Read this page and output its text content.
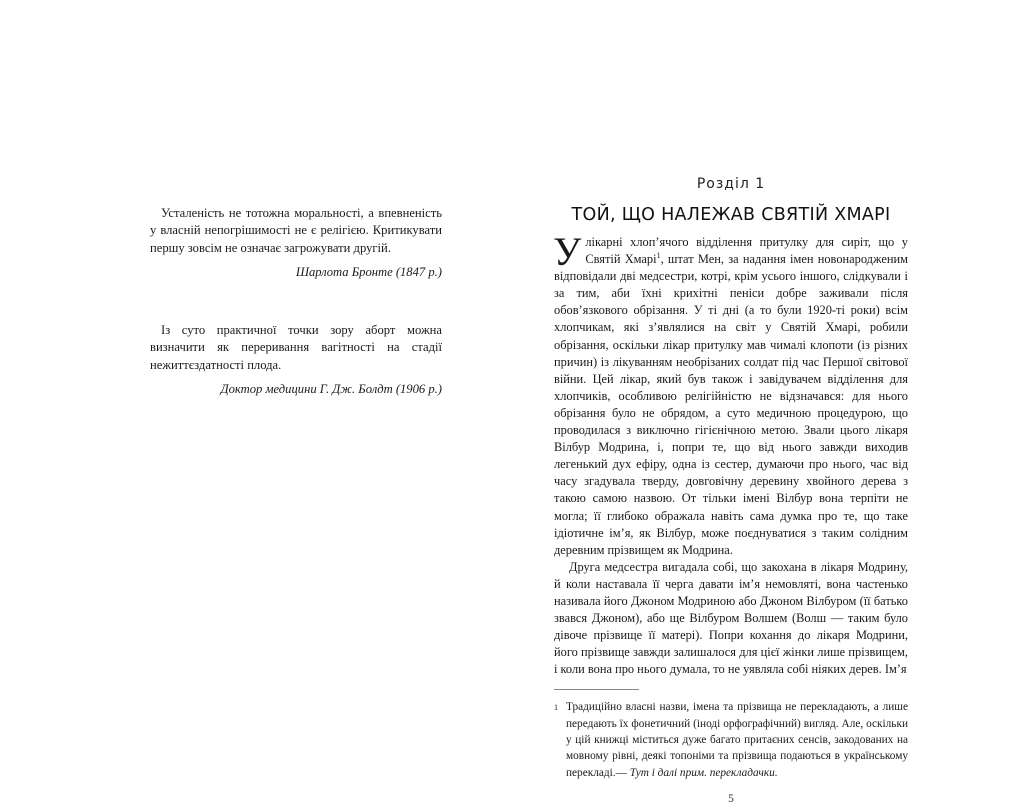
Усталеність не тотожна моральності, а впевненість у власній непогрішимості не є релігією. Критикувати першу зовсім не означає загрожувати другій.

Шарлота Бронте (1847 р.)

Із суто практичної точки зору аборт можна визначити як переривання вагітності на стадії нежиттєздатності плода.

Доктор медицини Г. Дж. Болдт (1906 р.)

Розділ 1
ТОЙ, ЩО НАЛЕЖАВ СВЯТІЙ ХМАРІ

У лікарні хлоп’ячого відділення притулку для сиріт, що у Святій Хмарі$^1$, штат Мен, за надання імен новонародженим відповідали дві медсестри, котрі, крім усього іншого, слідкували і за тим, аби їхні крихітні пеніси добре заживали після обов’язкового обрізання. У ті дні (а то були 1920-ті роки) всім хлопчикам, які з’являлися на світ у Святій Хмарі, робили обрізання, оскільки лікар притулку мав чималі клопоти (із різних причин) із лікуванням необрізаних солдат під час Першої світової війни. Цей лікар, який був також і завідувачем відділення для хлопчиків, особливою релігійністю не відзначався: для нього обрізання було не обрядом, а суто медичною процедурою, що проводилася з виключно гігієнічною метою. Звали цього лікаря Вілбур Модрина, і, попри те, що від нього завжди виходив легенький дух ефіру, одна із сестер, думаючи про нього, час від часу згадувала тверду, довговічну деревину хвойного дерева з такою самою назвою. От тільки імені Вілбур вона терпіти не могла; її глибоко ображала навіть сама думка про те, що таке ідіотичне ім’я, як Вілбур, може поєднуватися з таким солідним деревним прізвищем як Модрина.

Друга медсестра вигадала собі, що закохана в лікаря Модрину, й коли наставала її черга давати ім’я немовляті, вона частенько називала його Джоном Модриною або Джоном Вілбуром (її батько звався Джоном), або ще Вілбуром Волшем (Волш — таким було дівоче прізвище її матері). Попри кохання до лікаря Модрини, його прізвище завжди залишалося для цієї жінки лише прізвищем, і коли вона про нього думала, то не уявляла собі ніяких дерев. Ім’я

1 Традиційно власні назви, імена та прізвища не перекладають, а лише передають їх фонетичний (іноді орфографічний) вигляд. Але, оскільки у цій книжці міститься дуже багато притаєних сенсів, закодованих на мовному рівні, деякі топоніми та прізвища подаються в українському перекладі.— Тут і далі прим. перекладачки.
5
